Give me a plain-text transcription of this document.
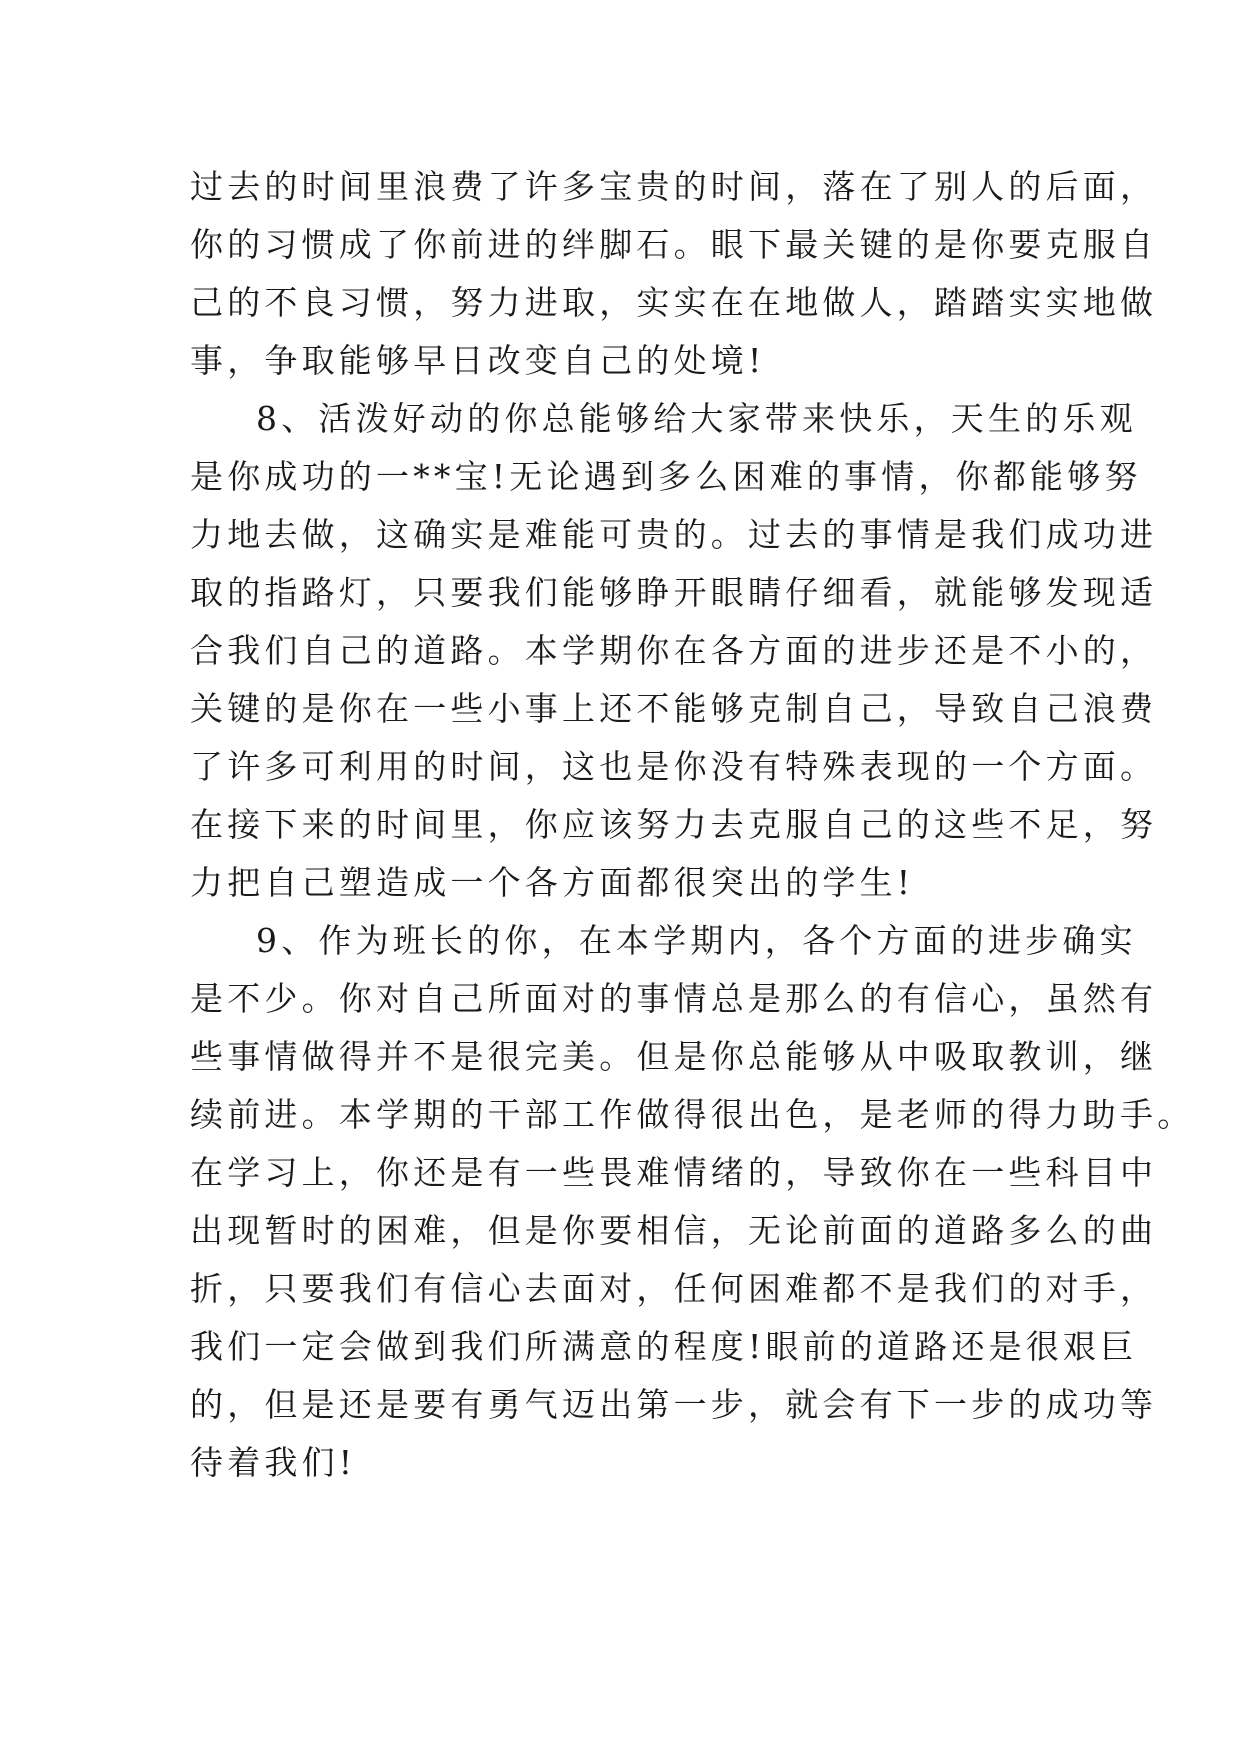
过去的时间里浪费了许多宝贵的时间，落在了别人的后面，
你的习惯成了你前进的绊脚石。眼下最关键的是你要克服自
己的不良习惯，努力进取，实实在在地做人，踏踏实实地做
事，争取能够早日改变自己的处境!
8、活泼好动的你总能够给大家带来快乐，天生的乐观
是你成功的一**宝!无论遇到多么困难的事情，你都能够努
力地去做，这确实是难能可贵的。过去的事情是我们成功进
取的指路灯，只要我们能够睁开眼睛仔细看，就能够发现适
合我们自己的道路。本学期你在各方面的进步还是不小的，
关键的是你在一些小事上还不能够克制自己，导致自己浪费
了许多可利用的时间，这也是你没有特殊表现的一个方面。
在接下来的时间里，你应该努力去克服自己的这些不足，努
力把自己塑造成一个各方面都很突出的学生!
9、作为班长的你，在本学期内，各个方面的进步确实
是不少。你对自己所面对的事情总是那么的有信心，虽然有
些事情做得并不是很完美。但是你总能够从中吸取教训，继
续前进。本学期的干部工作做得很出色，是老师的得力助手。
在学习上，你还是有一些畏难情绪的，导致你在一些科目中
出现暂时的困难，但是你要相信，无论前面的道路多么的曲
折，只要我们有信心去面对，任何困难都不是我们的对手，
我们一定会做到我们所满意的程度!眼前的道路还是很艰巨
的，但是还是要有勇气迈出第一步，就会有下一步的成功等
待着我们!
